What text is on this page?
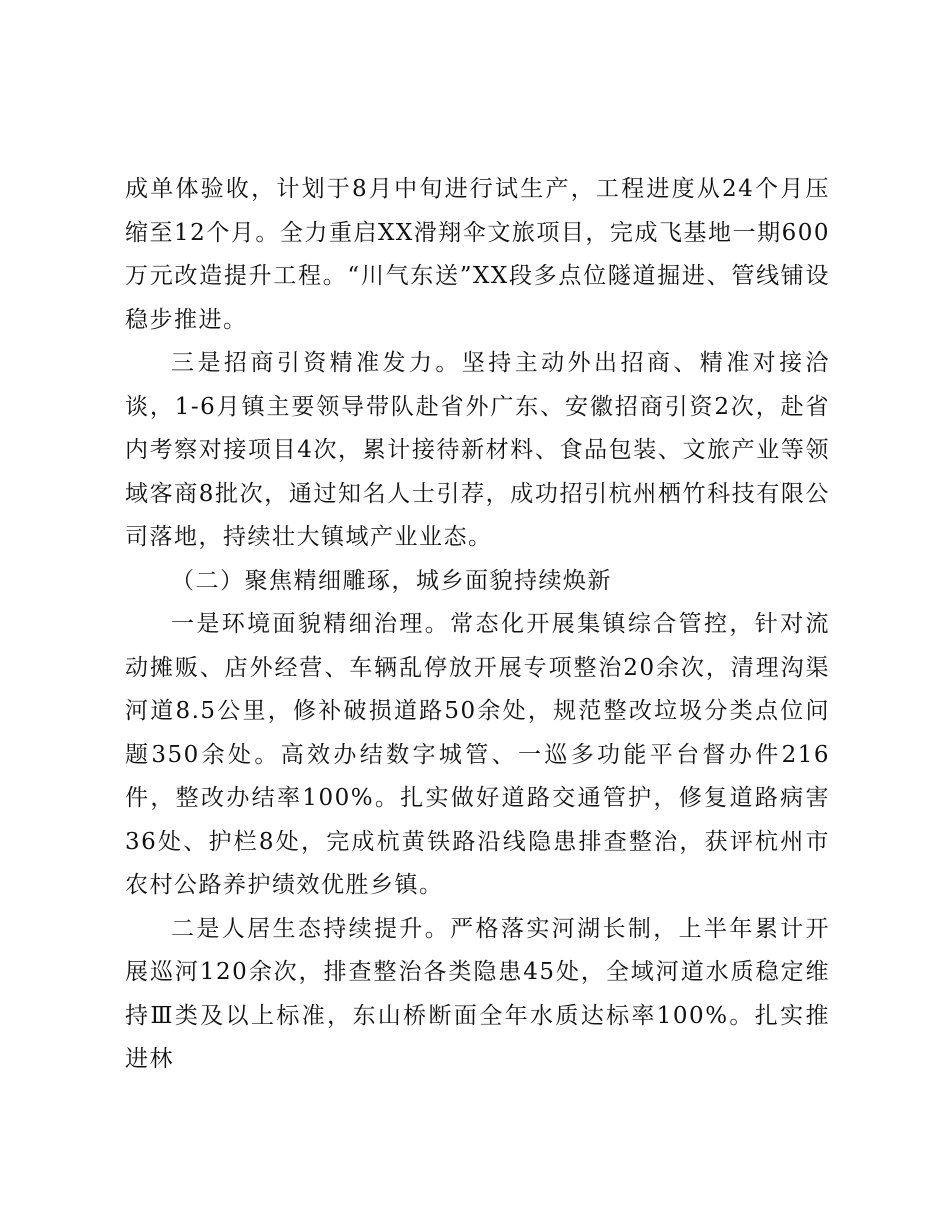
成单体验收，计划于8月中旬进行试生产，工程进度从24个月压缩至12个月。全力重启XX滑翔伞文旅项目，完成飞基地一期600万元改造提升工程。“川气东送”XX段多点位隧道掘进、管线铺设稳步推进。

三是招商引资精准发力。坚持主动外出招商、精准对接洽谈，1-6月镇主要领导带队赴省外广东、安徽招商引资2次，赴省内考察对接项目4次，累计接待新材料、食品包装、文旅产业等领域客商8批次，通过知名人士引荐，成功招引杭州栖竹科技有限公司落地，持续壮大镇域产业业态。

（二）聚焦精细雕琢，城乡面貌持续焕新

一是环境面貌精细治理。常态化开展集镇综合管控，针对流动摊贩、店外经营、车辆乱停放开展专项整治20余次，清理沟渠河道8.5公里，修补破损道路50余处，规范整改垃圾分类点位问题350余处。高效办结数字城管、一巡多功能平台督办件216件，整改办结率100%。扎实做好道路交通管护，修复道路病害36处、护栏8处，完成杭黄铁路沿线隐患排查整治，获评杭州市农村公路养护绩效优胜乡镇。

二是人居生态持续提升。严格落实河湖长制，上半年累计开展巡河120余次，排查整治各类隐患45处，全域河道水质稳定维持Ⅲ类及以上标准，东山桥断面全年水质达标率100%。扎实推进林
